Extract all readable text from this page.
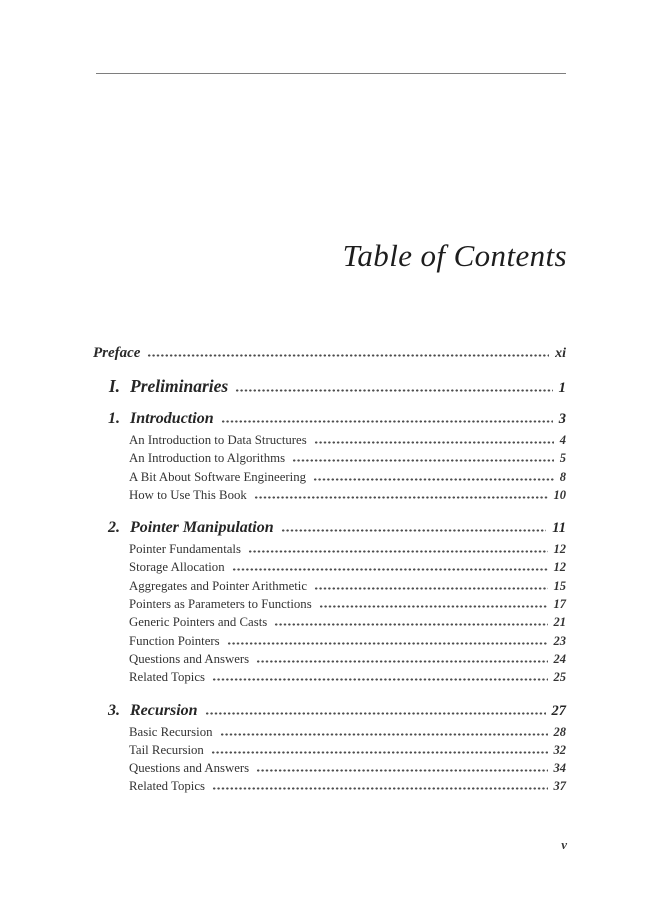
Table of Contents
Preface	xi
I. Preliminaries	1
1. Introduction	3
An Introduction to Data Structures	4
An Introduction to Algorithms	5
A Bit About Software Engineering	8
How to Use This Book	10
2. Pointer Manipulation	11
Pointer Fundamentals	12
Storage Allocation	12
Aggregates and Pointer Arithmetic	15
Pointers as Parameters to Functions	17
Generic Pointers and Casts	21
Function Pointers	23
Questions and Answers	24
Related Topics	25
3. Recursion	27
Basic Recursion	28
Tail Recursion	32
Questions and Answers	34
Related Topics	37
v
